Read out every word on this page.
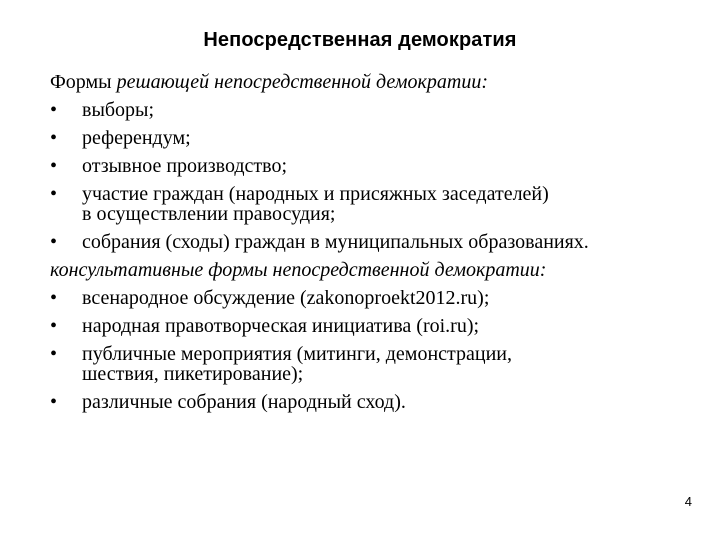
Непосредственная демократия
Формы решающей непосредственной демократии:
•	выборы;
•	референдум;
•	отзывное производство;
•	участие граждан (народных и присяжных заседателей)
в осуществлении правосудия;
•	собрания (сходы) граждан в муниципальных образованиях.
консультативные формы непосредственной демократии:
•	всенародное обсуждение (zakonoproekt2012.ru);
•	народная правотворческая инициатива (roi.ru);
•	публичные мероприятия (митинги, демонстрации,
шествия, пикетирование);
•	различные собрания (народный сход).
4
